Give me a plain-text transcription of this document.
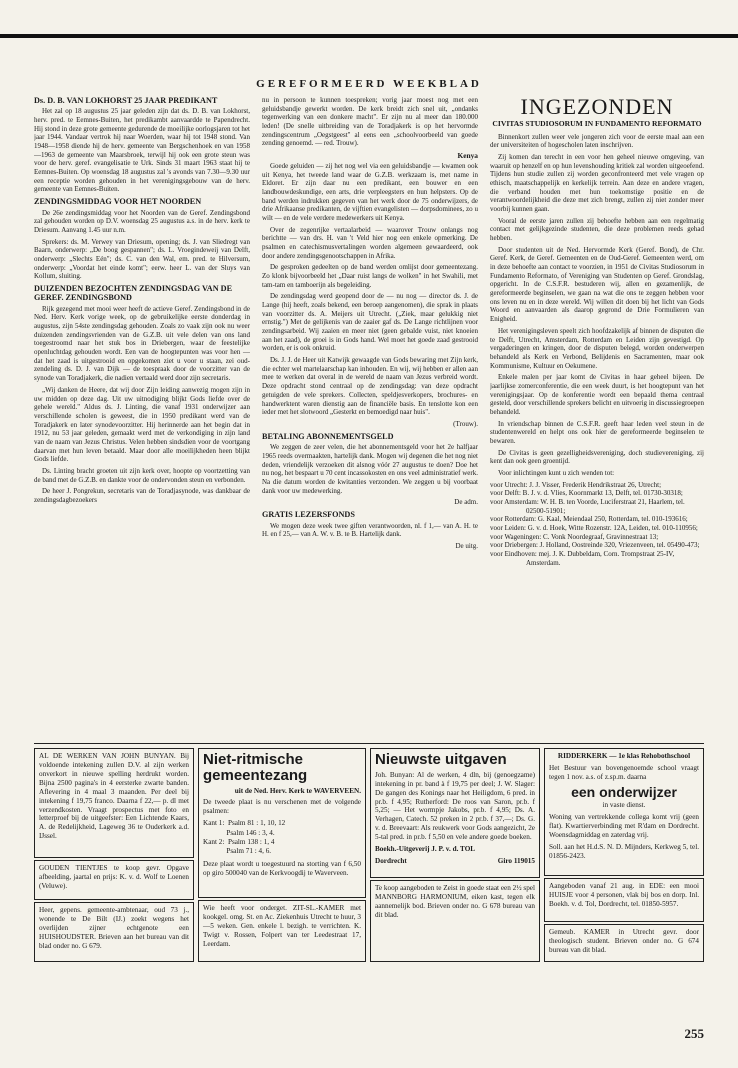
GEREFORMEERD WEEKBLAD
Ds. D. B. VAN LOKHORST 25 JAAR PREDIKANT

Het zal op 18 augustus 25 jaar geleden zijn dat ds. D. B. van Lokhorst, herv. pred. te Eemnes-Buiten, het predikambt aanvaardde te Papendrecht. Hij stond in deze grote gemeente gedurende de moeilijke oorlogsjaren tot het jaar 1944. Vandaar vertrok hij naar Woerden, waar hij tot 1948 stond. Van 1948—1958 diende hij de herv. gemeente van Bergschenhoek en van 1958—1963 de gemeente van Maarsbroek, terwijl hij ook een grote steun was voor de herv. geref. evangelisatie te Urk. Sinds 31 maart 1963 staat hij te Eemnes-Buiten. Op woensdag 18 augustus zal 's avonds van 7.30—9.30 uur een receptie worden gehouden in het verenigingsgebouw van de herv. gemeente van Eemnes-Buiten.

ZENDINGSMIDDAG VOOR HET NOORDEN

De 26e zendingsmiddag voor het Noorden van de Geref. Zendingsbond zal gehouden worden op D.V. woensdag 25 augustus a.s. in de herv. kerk te Driesum. Aanvang 1.45 uur n.m.

Sprekers: ds. M. Verwey van Driesum, opening; ds. J. van Sliedregt van Baarn, onderwerp: „De boog gespannen"; ds. L. Vroegindeweij van Delft, onderwerp: „Slechts Eén"; ds. C. van den Wal, em. pred. te Hilversum, onderwerp: „Voordat het einde komt"; eerw. heer L. van der Sluys van Kollum, sluiting.

DUIZENDEN BEZOCHTEN ZENDINGSDAG VAN DE GEREF. ZENDINGSBOND

Rijk gezegend met mooi weer heeft de actieve Geref. Zendingsbond in de Ned. Herv. Kerk vorige week, op de gebruikelijke eerste donderdag in augustus, zijn 54ste zendingsdag gehouden. Zoals zo vaak zijn ook nu weer duizenden zendingsvrienden van de G.Z.B. uit vele delen van ons land toegestroomd naar het stuk bos in Driebergen, waar de feestelijke openluchtdag gehouden wordt. Een van de hoogtepunten was voor hen — dat het zaad is uitgestrooid en opgekomen ziet u voor u staan, zei oud-zendeling ds. D. J. van Dijk — de toespraak door de voorzitter van de synode van Toradjakerk, die nadien vertaald werd door zijn secretaris.

„Wij danken de Heere, dat wij door Zijn leiding aanwezig mogen zijn in uw midden op deze dag. Uit uw uitnodiging blijkt Gods liefde over de gehele wereld." Aldus ds. J. Linting, die vanaf 1931 onderwijzer aan verschillende scholen is geweest, die in 1950 predikant werd van de Toradjakerk en later synodevoorzitter. Hij herinnerde aan het begin dat in 1912, nu 53 jaar geleden, gemaakt werd met de verkondiging in zijn land van de naam van Jezus Christus. Velen hebben sindsdien voor de voortgang daarvan met hun leven betaald. Maar door alle moeilijkheden heen blijkt Gods liefde.

Ds. Linting bracht groeten uit zijn kerk over, hoopte op voortzetting van de band met de G.Z.B. en dankte voor de ondervonden steun en verbonden.

De heer J. Pongrekun, secretaris van de Toradjasynode, was dankbaar de zendingsdagbezoekers

nu in persoon te kunnen toespreken; vorig jaar moest nog met een geluidsbandje gewerkt worden. De kerk breidt zich snel uit, „ondanks tegenwerking van een donkere macht". Er zijn nu al meer dan 180.000 leden! (De snelle uitbreiding van de Toradjakerk is op het hervormde zendingscentrum „Oegstgeest" al eens een „schoolvoorbeeld van goede zending genoemd. — red. Trouw).

Kenya

Goede geluiden — zij het nog wel via een geluidsbandje — kwamen ook uit Kenya, het tweede land waar de G.Z.B. werkzaam is, met name in Eldoret. Er zijn daar nu een predikant, een bouwer en een landbouwdeskundige, een arts, drie verpleegsters en hun helpsters. Op de band werden indrukken gegeven van het werk door de 75 onderwijzers, de drie Afrikaanse predikanten, de vijftien evangelisten — dorpsdominees, zo u wilt — en de vele verdere medewerkers uit Kenya.

Over de zegenrijke vertaalarbeid — waarover Trouw onlangs nog berichtte — van drs. H. van 't Veld hier nog een enkele opmerking. De psalmen en catechismusvertalingen worden algemeen gewaardeerd, ook door andere zendingsgenootschappen in Afrika.

De gesproken gedeelten op de band werden omlijst door gemeentezang. Zo klonk bijvoorbeeld het „Daar ruist langs de wolken" in het Swahili, met tam-tam en tamboerijn als begeleiding.

De zendingsdag werd geopend door de — nu nog — director ds. J. de Lange (hij heeft, zoals bekend, een beroep aangenomen), die sprak in plaats van voorzitter ds. A. Meijers uit Utrecht. („Ziek, maar gelukkig niet ernstig.") Met de gelijkenis van de zaaier gaf ds. De Lange richtlijnen voor zendingsarbeid. Wij zaaien en meer niet (geen gebalde vuist, niet knoeien aan het zaad), de groei is in Gods hand. Wel moet het goede zaad gestrooid worden, er is ook onkruid.

Ds. J. J. de Heer uit Katwijk gewaagde van Gods bewaring met Zijn kerk, die echter wel martelaarschap kan inhouden. En wij, wij hebben er allen aan mee te werken dat overal in de wereld de naam van Jezus verbreid wordt. Deze opdracht stond centraal op de zendingsdag: van deze opdracht getuigden de vele sprekers. Collecten, speldjesverkopers, brochures- en handwerktent waren dienstig aan de financiële basis. En tenslotte kon een ieder met het slotwoord „Gesterkt en bemoedigd naar huis".

(Trouw).
BETALING ABONNEMENTSGELD

We zeggen de zeer velen, die het abonnementsgeld voor het 2e halfjaar 1965 reeds overmaakten, hartelijk dank. Mogen wij degenen die het nog niet deden, vriendelijk verzoeken dit alsnog vóór 27 augustus te doen? Doe het nu nog, het bespaart u 70 cent incassokosten en ons veel administratief werk. Na die datum worden de kwitanties verzonden. We zeggen u bij voorbaat dank voor uw medewerking.

De adm.
GRATIS LEZERSFONDS

We mogen deze week twee giften verantwoorden, nl. f 1,— van A. H. te H. en f 25,— van A. W. v. B. te B. Hartelijk dank.

De uitg.
INGEZONDEN
CIVITAS STUDIOSORUM IN FUNDAMENTO REFORMATO

Binnenkort zullen weer vele jongeren zich voor de eerste maal aan een der universiteiten of hogescholen laten inschrijven.

Zij komen dan terecht in een voor hen geheel nieuwe omgeving, van waaruit op henzelf en op hun levenshouding kritiek zal worden uitgeoefend. Tijdens hun studie zullen zij worden geconfronteerd met vele vragen op ethisch, maatschappelijk en kerkelijk terrein. Aan deze en andere vragen, die verband houden met hun toekomstige positie en de verantwoordelijkheid die deze met zich brengt, zullen zij niet zonder meer voorbij kunnen gaan.

Vooral de eerste jaren zullen zij behoefte hebben aan een regelmatig contact met gelijkgezinde studenten, die deze problemen reeds gehad hebben.

Door studenten uit de Ned. Hervormde Kerk (Geref. Bond), de Chr. Geref. Kerk, de Geref. Gemeenten en de Oud-Geref. Gemeenten werd, om in deze behoefte aan contact te voorzien, in 1951 de Civitas Studiosorum in Fundamento Reformato, of Vereniging van Studenten op Geref. Grondslag, opgericht. In de C.S.F.R. bestuderen wij, allen en gezamenlijk, de gereformeerde beginselen, we gaan na wat die ons te zeggen hebben voor ons leven nu en in deze wereld. Wij willen dit doen bij het licht van Gods Woord en aanvaarden als daarop gegrond de Drie Formulieren van Enigheid.

Het verenigingsleven speelt zich hoofdzakelijk af binnen de disputen die te Delft, Utrecht, Amsterdam, Rotterdam en Leiden zijn gevestigd. Op vergaderingen en kringen, door de disputen belegd, worden onderwerpen behandeld als Kerk en Verbond, Belijdenis en Sacramenten, maar ook Kommunisme, Kultuur en Oekumene.

Enkele malen per jaar komt de Civitas in haar geheel bijeen. De jaarlijkse zomerconferentie, die een week duurt, is het hoogtepunt van het verenigingsjaar. Op de konferentie wordt een bepaald thema centraal gesteld, door verschillende sprekers belicht en uitvoerig in discussiegroepen behandeld.

In vriendschap binnen de C.S.F.R. geeft haar leden veel steun in de studentenwereld en helpt ons ook hier de gereformeerde beginselen te bewaren.

De Civitas is geen gezelligheidsvereniging, doch studievereniging, zij kent dan ook geen groentijd.

Voor inlichtingen kunt u zich wenden tot:

voor Utrecht: J. J. Visser, Frederik Hendrikstraat 26, Utrecht;
voor Delft: B. J. v. d. Vlies, Koornmarkt 13, Delft, tel. 01730-30318;
voor Amsterdam: W. H. B. ten Voorde, Luciferstraat 21, Haarlem, tel. 02500-51901;
voor Rotterdam: G. Kaal, Meiendaal 250, Rotterdam, tel. 010-193616;
voor Leiden: G. v. d. Hoek, Witte Rozenstr. 12A, Leiden, tel. 010-110956;
voor Wageningen: C. Vonk Noordegraaf, Gravinnestraat 13;
voor Driebergen: J. Holland, Oostreinde 320, Vriezenveen, tel. 05490-473;
voor Eindhoven: mej. J. K. Dubbeldam, Corn. Trompstraat 25-IV, Amsterdam.

AL DE WERKEN VAN JOHN BUNYAN. Bij voldoende intekening zullen D.V. al zijn werken onverkort in nieuwe spelling herdrukt worden. Bijna 2500 pagina's in 4 eersterke zwarte banden. Aflevering in 4 maal 3 maanden. Per deel bij intekening f 19,75 franco. Daarna f 22,— p. dl met verzendkosten. Vraagt prospectus met foto en letterproef bij de uitgeefster: Een Lichtende Kaars, A. de Redelijkheid, Lageweg 36 te Ouderkerk a.d. IJssel.

GOUDEN TIENTJES te koop gevr. Opgave afbeelding, jaartal en prijs: K. v. d. Wolf te Loenen (Veluwe).

Heer, gepens. gemeente-ambtenaar, oud 73 j., wonende te De Bilt (IJ.) zoekt wegens het overlijden zijner echtgenote een HUISHOUDSTER. Brieven aan het bureau van dit blad onder no. G 679.

Niet-ritmische gemeentezang

uit de Ned. Herv. Kerk te WAVERVEEN.

De tweede plaat is nu verschenen met de volgende psalmen:

Kant 1:  Psalm 81 : 1, 10, 12
Psalm 146 : 3, 4.
Kant 2:  Psalm 138 : 1, 4
Psalm 71 : 4, 6.

Deze plaat wordt u toegestuurd na storting van f 6,50 op giro 500040 van de Kerkvoogdij te Waverveen.

Wie heeft voor onderget. ZIT-SL.-KAMER met kookgel. omg. St. en Ac. Ziekenhuis Utrecht te huur, 3—5 weken. Gen. enkele l. bezigh. te verrichten. K. Twigt v. Rossen, Folpert van ter Leedestraat 17, Leerdam.

Nieuwste uitgaven

Joh. Bunyan: Al de werken, 4 dln, bij (genoegzame) intekening in pr. band à f 19,75 per deel; J. W. Slager: De gangen des Konings naar het Heiligdom, 6 pred. in pr.b. f 4,95; Rutherford: De roos van Saron, pr.b. f 5,25; — Het wormpje Jakobs, pr.b. f 4,95; Ds. A. Verhagen, Catech. 52 preken in 2 pr.b. f 37,—; Ds. G. v. d. Breevaart: Als reukwerk voor Gods aangezicht, 2e 5-tal pred. in pr.b. f 5,50 en vele andere goede boeken.

Boekh.-Uitgeverij J. P. v. d. TOL

Dordrecht	Giro 119015

Te koop aangeboden te Zeist in goede staat een 2½ spel MANNBORG HARMONIUM, eiken kast, tegen elk aannemelijk bod. Brieven onder no. G 678 bureau van dit blad.

RIDDERKERK — 1e klas Rehobothschool

Het Bestuur van bovengenoemde school vraagt tegen 1 nov. a.s. of z.sp.m. daarna

een onderwijzer

in vaste dienst.

Woning van vertrekkende collega komt vrij (geen flat). Kwartierverbinding met R'dam en Dordrecht. Woensdagmiddag en zaterdag vrij.

Soll. aan het H.d.S. N. D. Mijnders, Kerkweg 5, tel. 01856-2423.

Aangeboden vanaf 21 aug. in EDE: een mooi HUISJE voor 4 personen, vlak bij bos en dorp. Inl. Boekh. v. d. Tol, Dordrecht, tel. 01850-5957.

Gemeub. KAMER in Utrecht gevr. door theologisch student. Brieven onder no. G 674 bureau van dit blad.

255
